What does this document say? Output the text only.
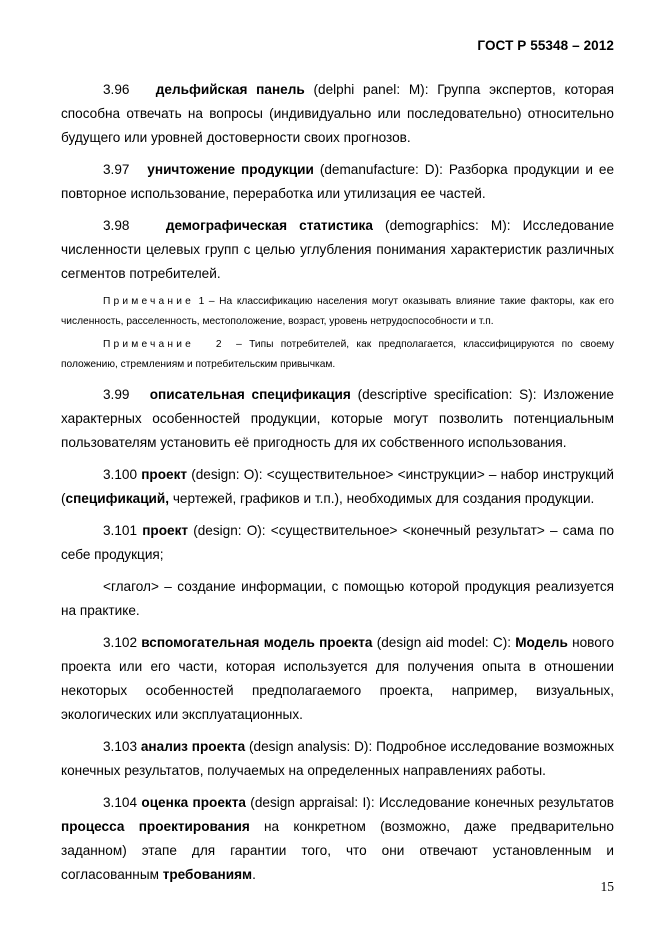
ГОСТ Р 55348 – 2012

3.96 дельфийская панель (delphi panel: M): Группа экспертов, которая способна отвечать на вопросы (индивидуально или последовательно) относительно будущего или уровней достоверности своих прогнозов.

3.97 уничтожение продукции (demanufacture: D): Разборка продукции и ее повторное использование, переработка или утилизация ее частей.

3.98	демографическая статистика (demographics: M): Исследование численности целевых групп с целью углубления понимания характеристик различных сегментов потребителей.

Примечание 1 – На классификацию населения могут оказывать влияние такие факторы, как его численность, расселенность, местоположение, возраст, уровень нетрудоспособности и т.п.

Примечание 2 – Типы потребителей, как предполагается, классифицируются по своему положению, стремлениям и потребительским привычкам.

3.99 описательная спецификация (descriptive specification: S): Изложение характерных особенностей продукции, которые могут позволить потенциальным пользователям установить её пригодность для их собственного использования.

3.100 проект (design: O): <существительное> <инструкции> – набор инструкций (спецификаций, чертежей, графиков и т.п.), необходимых для создания продукции.

3.101 проект (design: O): <существительное> <конечный результат> – сама по себе продукция;

<глагол> – создание информации, с помощью которой продукция реализуется на практике.

3.102 вспомогательная модель проекта (design aid model: C): Модель нового проекта или его части, которая используется для получения опыта в отношении некоторых особенностей предполагаемого проекта, например, визуальных, экологических или эксплуатационных.

3.103 анализ проекта (design analysis: D): Подробное исследование возможных конечных результатов, получаемых на определенных направлениях работы.

3.104 оценка проекта (design appraisal: I): Исследование конечных результатов процесса проектирования на конкретном (возможно, даже предварительно заданном) этапе для гарантии того, что они отвечают установленным и согласованным требованиям.

15
